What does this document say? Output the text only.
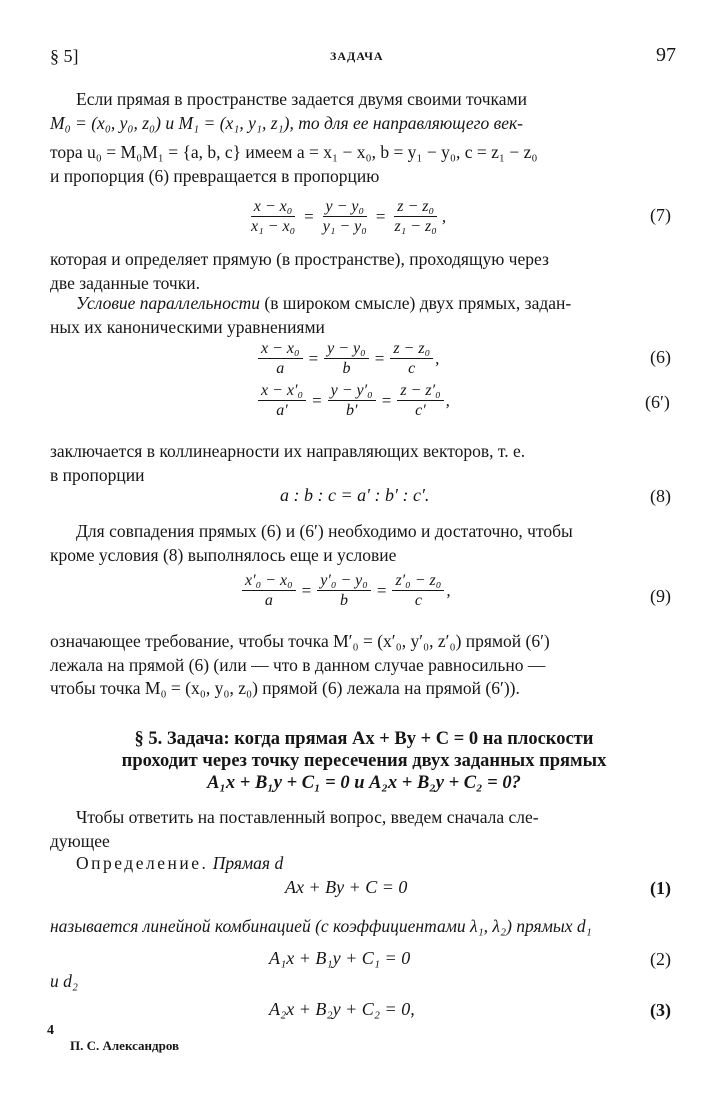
§ 5]	ЗАДАЧА	97
Если прямая в пространстве задается двумя своими точками
M₀ = (x₀, y₀, z₀) и M₁ = (x₁, y₁, z₁), то для ее направляющего век-
тора u₀ = M₀M₁ = {a, b, c} имеем a = x₁ − x₀, b = y₁ − y₀, c = z₁ − z₀
и пропорция (6) превращается в пропорцию
$\frac{\text{x − x₀}}{\text{x₁ − x₀}} = \frac{\text{y − y₀}}{\text{y₁ − y₀}} = \frac{\text{z − z₀}}{\text{z₁ − z₀}}$ ,	(7)
которая и определяет прямую (в пространстве), проходящую через
две заданные точки.
Условие параллельности (в широком смысле) двух прямых, задан-
ных их каноническими уравнениями
$\frac{\text{x − x₀}}{a} = \frac{\text{y − y₀}}{b} = \frac{\text{z − z₀}}{c}$ ,	(6)
$\frac{\text{x − x′₀}}{a'} = \frac{\text{y − y′₀}}{b'} = \frac{\text{z − z′₀}}{c'}$ ,	(6′)
заключается в коллинеарности их направляющих векторов, т. е.
в пропорции
a : b : c = a′ : b′ : c′.	(8)
Для совпадения прямых (6) и (6′) необходимо и достаточно, чтобы
кроме условия (8) выполнялось еще и условие
$\frac{\text{x′₀ − x₀}}{a} = \frac{\text{y′₀ − y₀}}{b} = \frac{\text{z′₀ − z₀}}{c}$ ,	(9)
означающее требование, чтобы точка M′₀ = (x′₀, y′₀, z′₀) прямой (6′)
лежала на прямой (6) (или — что в данном случае равносильно —
чтобы точка M₀ = (x₀, y₀, z₀) прямой (6) лежала на прямой (6′)).
§ 5. Задача: когда прямая Ax + By + C = 0 на плоскости
проходит через точку пересечения двух заданных прямых
A₁x + B₁y + C₁ = 0 и A₂x + B₂y + C₂ = 0?
Чтобы ответить на поставленный вопрос, введем сначала сле-
дующее
Определение. Прямая d
Ax + By + C = 0	(1)
называется линейной комбинацией (с коэффициентами λ₁, λ₂) прямых d₁
A₁x + B₁y + C₁ = 0	(2)
и d₂
A₂x + B₂y + C₂ = 0,	(3)
4
П. С. Александров
